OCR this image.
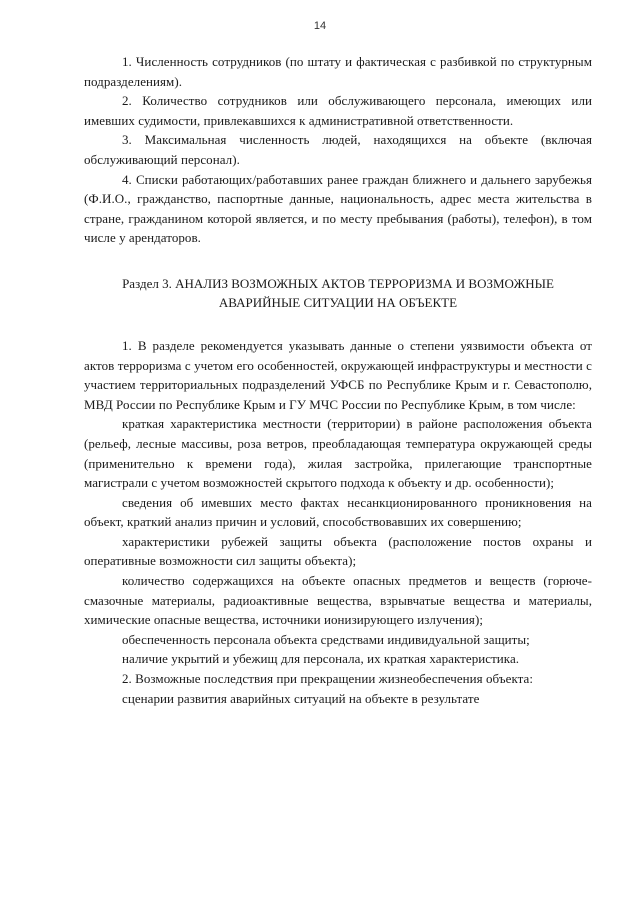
14

1. Численность сотрудников (по штату и фактическая с разбивкой по структурным подразделениям).

2. Количество сотрудников или обслуживающего персонала, имеющих или имевших судимости, привлекавшихся к административной ответственности.

3. Максимальная численность людей, находящихся на объекте (включая обслуживающий персонал).

4. Списки работающих/работавших ранее граждан ближнего и дальнего зарубежья (Ф.И.О., гражданство, паспортные данные, национальность, адрес места жительства в стране, гражданином которой является, и по месту пребывания (работы), телефон), в том числе у арендаторов.

Раздел 3. АНАЛИЗ ВОЗМОЖНЫХ АКТОВ ТЕРРОРИЗМА И ВОЗМОЖНЫЕ
АВАРИЙНЫЕ СИТУАЦИИ НА ОБЪЕКТЕ

1. В разделе рекомендуется указывать данные о степени уязвимости объекта от актов терроризма с учетом его особенностей, окружающей инфраструктуры и местности с участием территориальных подразделений УФСБ по Республике Крым и г. Севастополю, МВД России по Республике Крым и ГУ МЧС России по Республике Крым, в том числе:

краткая характеристика местности (территории) в районе расположения объекта (рельеф, лесные массивы, роза ветров, преобладающая температура окружающей среды (применительно к времени года), жилая застройка, прилегающие транспортные магистрали с учетом возможностей скрытого подхода к объекту и др. особенности);

сведения об имевших место фактах несанкционированного проникновения на объект, краткий анализ причин и условий, способствовавших их совершению;

характеристики рубежей защиты объекта (расположение постов охраны и оперативные возможности сил защиты объекта);

количество содержащихся на объекте опасных предметов и веществ (горюче-смазочные материалы, радиоактивные вещества, взрывчатые вещества и материалы, химические опасные вещества, источники ионизирующего излучения);

обеспеченность персонала объекта средствами индивидуальной защиты;

наличие укрытий и убежищ для персонала, их краткая характеристика.

2. Возможные последствия при прекращении жизнеобеспечения объекта:

сценарии развития аварийных ситуаций на объекте в результате
